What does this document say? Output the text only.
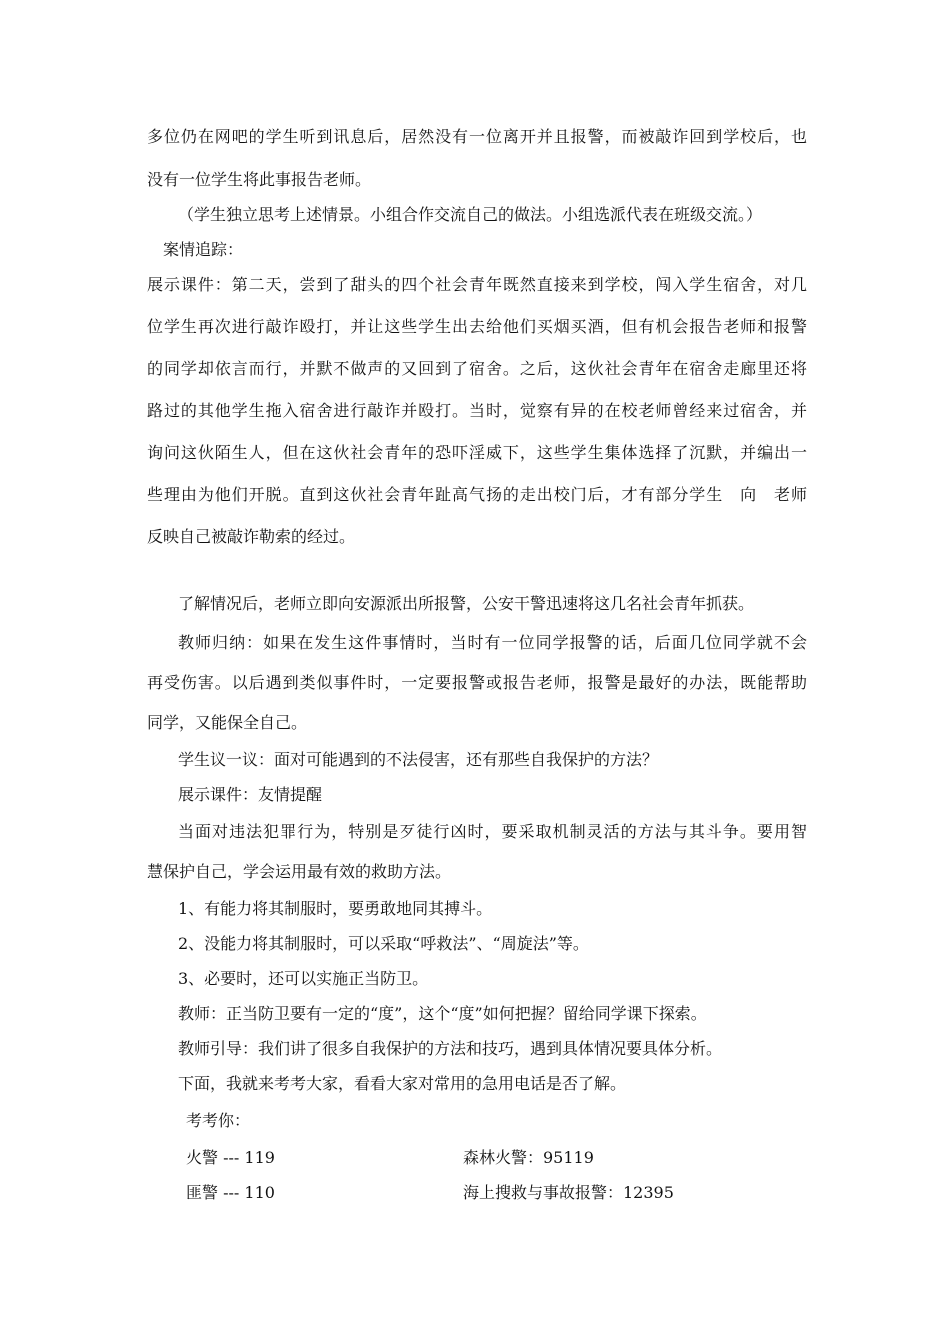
多位仍在网吧的学生听到讯息后，居然没有一位离开并且报警，而被敲诈回到学校后，也
没有一位学生将此事报告老师。
（学生独立思考上述情景。小组合作交流自己的做法。小组选派代表在班级交流。）
案情追踪：
展示课件：第二天，尝到了甜头的四个社会青年既然直接来到学校，闯入学生宿舍，对几
位学生再次进行敲诈殴打，并让这些学生出去给他们买烟买酒，但有机会报告老师和报警
的同学却依言而行，并默不做声的又回到了宿舍。之后，这伙社会青年在宿舍走廊里还将
路过的其他学生拖入宿舍进行敲诈并殴打。当时，觉察有异的在校老师曾经来过宿舍，并
询问这伙陌生人，但在这伙社会青年的恐吓淫威下，这些学生集体选择了沉默，并编出一
些理由为他们开脱。直到这伙社会青年趾高气扬的走出校门后，才有部分学生　向　老师
反映自己被敲诈勒索的经过。
了解情况后，老师立即向安源派出所报警，公安干警迅速将这几名社会青年抓获。
教师归纳：如果在发生这件事情时，当时有一位同学报警的话，后面几位同学就不会
再受伤害。以后遇到类似事件时，一定要报警或报告老师，报警是最好的办法，既能帮助
同学，又能保全自己。
学生议一议：面对可能遇到的不法侵害，还有那些自我保护的方法？
展示课件：友情提醒
当面对违法犯罪行为，特别是歹徒行凶时，要采取机制灵活的方法与其斗争。要用智
慧保护自己，学会运用最有效的救助方法。
1、有能力将其制服时，要勇敢地同其搏斗。
2、没能力将其制服时，可以采取“呼救法”、“周旋法”等。
3、必要时，还可以实施正当防卫。
教师：正当防卫要有一定的“度”，这个“度”如何把握？留给同学课下探索。
教师引导：我们讲了很多自我保护的方法和技巧，遇到具体情况要具体分析。
下面，我就来考考大家，看看大家对常用的急用电话是否了解。
考考你：
火警 --- 119	森林火警：95119
匪警 --- 110	海上搜救与事故报警：12395
